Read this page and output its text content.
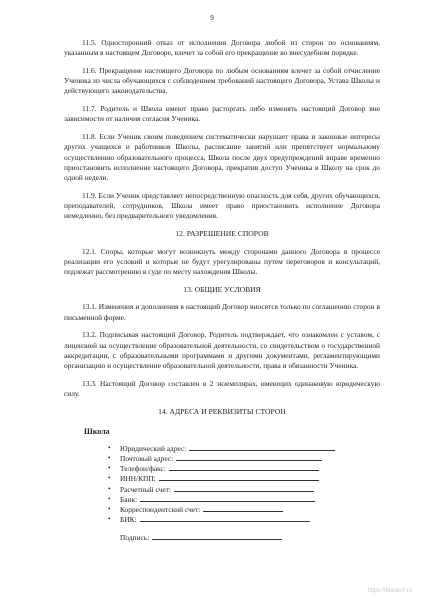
9

11.5. Односторонний отказ от исполнения Договора любой из сторон по основаниям, указанным в настоящем Договоре, влечет за собой его прекращение во внесудебном порядке.

11.6. Прекращение настоящего Договора по любым основаниям влечет за собой отчисление Ученика из числа обучающихся с соблюдением требований настоящего Договора, Устава Школы и действующего законодательства.

11.7. Родитель и Школа имеют право расторгать либо изменять настоящий Договор вне зависимости от наличия согласия Ученика.

11.8. Если Ученик своим поведением систематически нарушает права и законные интересы других учащихся и работников Школы, расписание занятий или препятствует нормальному осуществлению образовательного процесса, Школа после двух предупреждений вправе временно приостановить исполнение настоящего Договора, прекратив доступ Ученика в Школу на срок до одной недели.

11.9. Если Ученик представляет непосредственную опасность для себя, других обучающихся, преподавателей, сотрудников, Школа имеет право приостановить исполнение Договора немедленно, без предварительного уведомления.

12. РАЗРЕШЕНИЕ СПОРОВ

12.1. Споры, которые могут возникнуть между сторонами данного Договора в процессе реализации его условий и которые не будут урегулированы путем переговоров и консультаций, подлежат рассмотрению в суде по месту нахождения Школы.

13. ОБЩИЕ УСЛОВИЯ

13.1. Изменения и дополнения в настоящий Договор вносятся только по соглашению сторон в письменной форме.

13.2. Подписывая настоящий Договор, Родитель подтверждает, что ознакомлен с уставом, с лицензией на осуществление образовательной деятельности, со свидетельством о государственной аккредитации, с образовательными программами и другими документами, регламентирующими организацию и осуществление образовательной деятельности, права и обязанности Ученика.

13.3. Настоящий Договор составлен в 2 экземплярах, имеющих одинаковую юридическую силу.

14. АДРЕСА И РЕКВИЗИТЫ СТОРОН
Школа
• Юридический адрес:
• Почтовый адрес:
• Телефон/факс:
• ИНН/КПП:
• Расчетный счет:
• Банк:
• Корреспондентский счет:
• БИК:
Подпись:
https://blankof.ru
